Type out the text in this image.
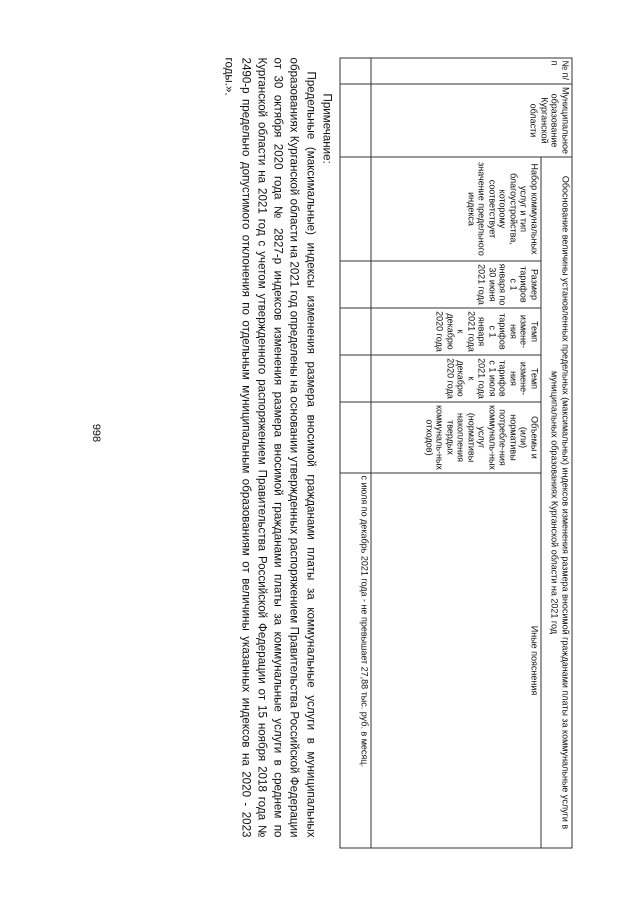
998
№ п/п	Муниципальное образование Курганской области	Обоснование величины установленных предельных (максимальных) индексов изменения размера вносимой гражданами платы за коммунальные услуги в муниципальных образованиях Курганской области на 2021 год					
		Набор коммунальных услуг и тип благоустройства, которому соответствует значение предельного индекса	Размер тарифов с 1 января по 30 июня 2021 года	Темп измене-ния тарифов с 1 января 2021 года к декабрю 2020 года	Темп измене-ния тарифов с 1 июля 2021 года к декабрю 2020 года	Объемы и (или) нормативы потребле-ния коммуналь-ных услуг (нормативы накопления твердых коммуналь-ных отходов)	Иные пояснения
							с июля по декабрь 2021 года - не превышает 27,88 тыс. руб. в месяц.
Примечание:
Предельные (максимальные) индексы изменения размера вносимой гражданами платы за коммунальные услуги в муниципальных образованиях Курганской области на 2021 год определены на основании утвержденных распоряжением Правительства Российской Федерации от 30 октября 2020 года № 2827-р индексов изменения размера вносимой гражданами платы за коммунальные услуги в среднем по Курганской области на 2021 год с учетом утвержденного распоряжением Правительства Российской Федерации от 15 ноября 2018 года № 2490-р предельно допустимого отклонения по отдельным муниципальным образованиям от величины указанных индексов на 2020 - 2023 годы.».
